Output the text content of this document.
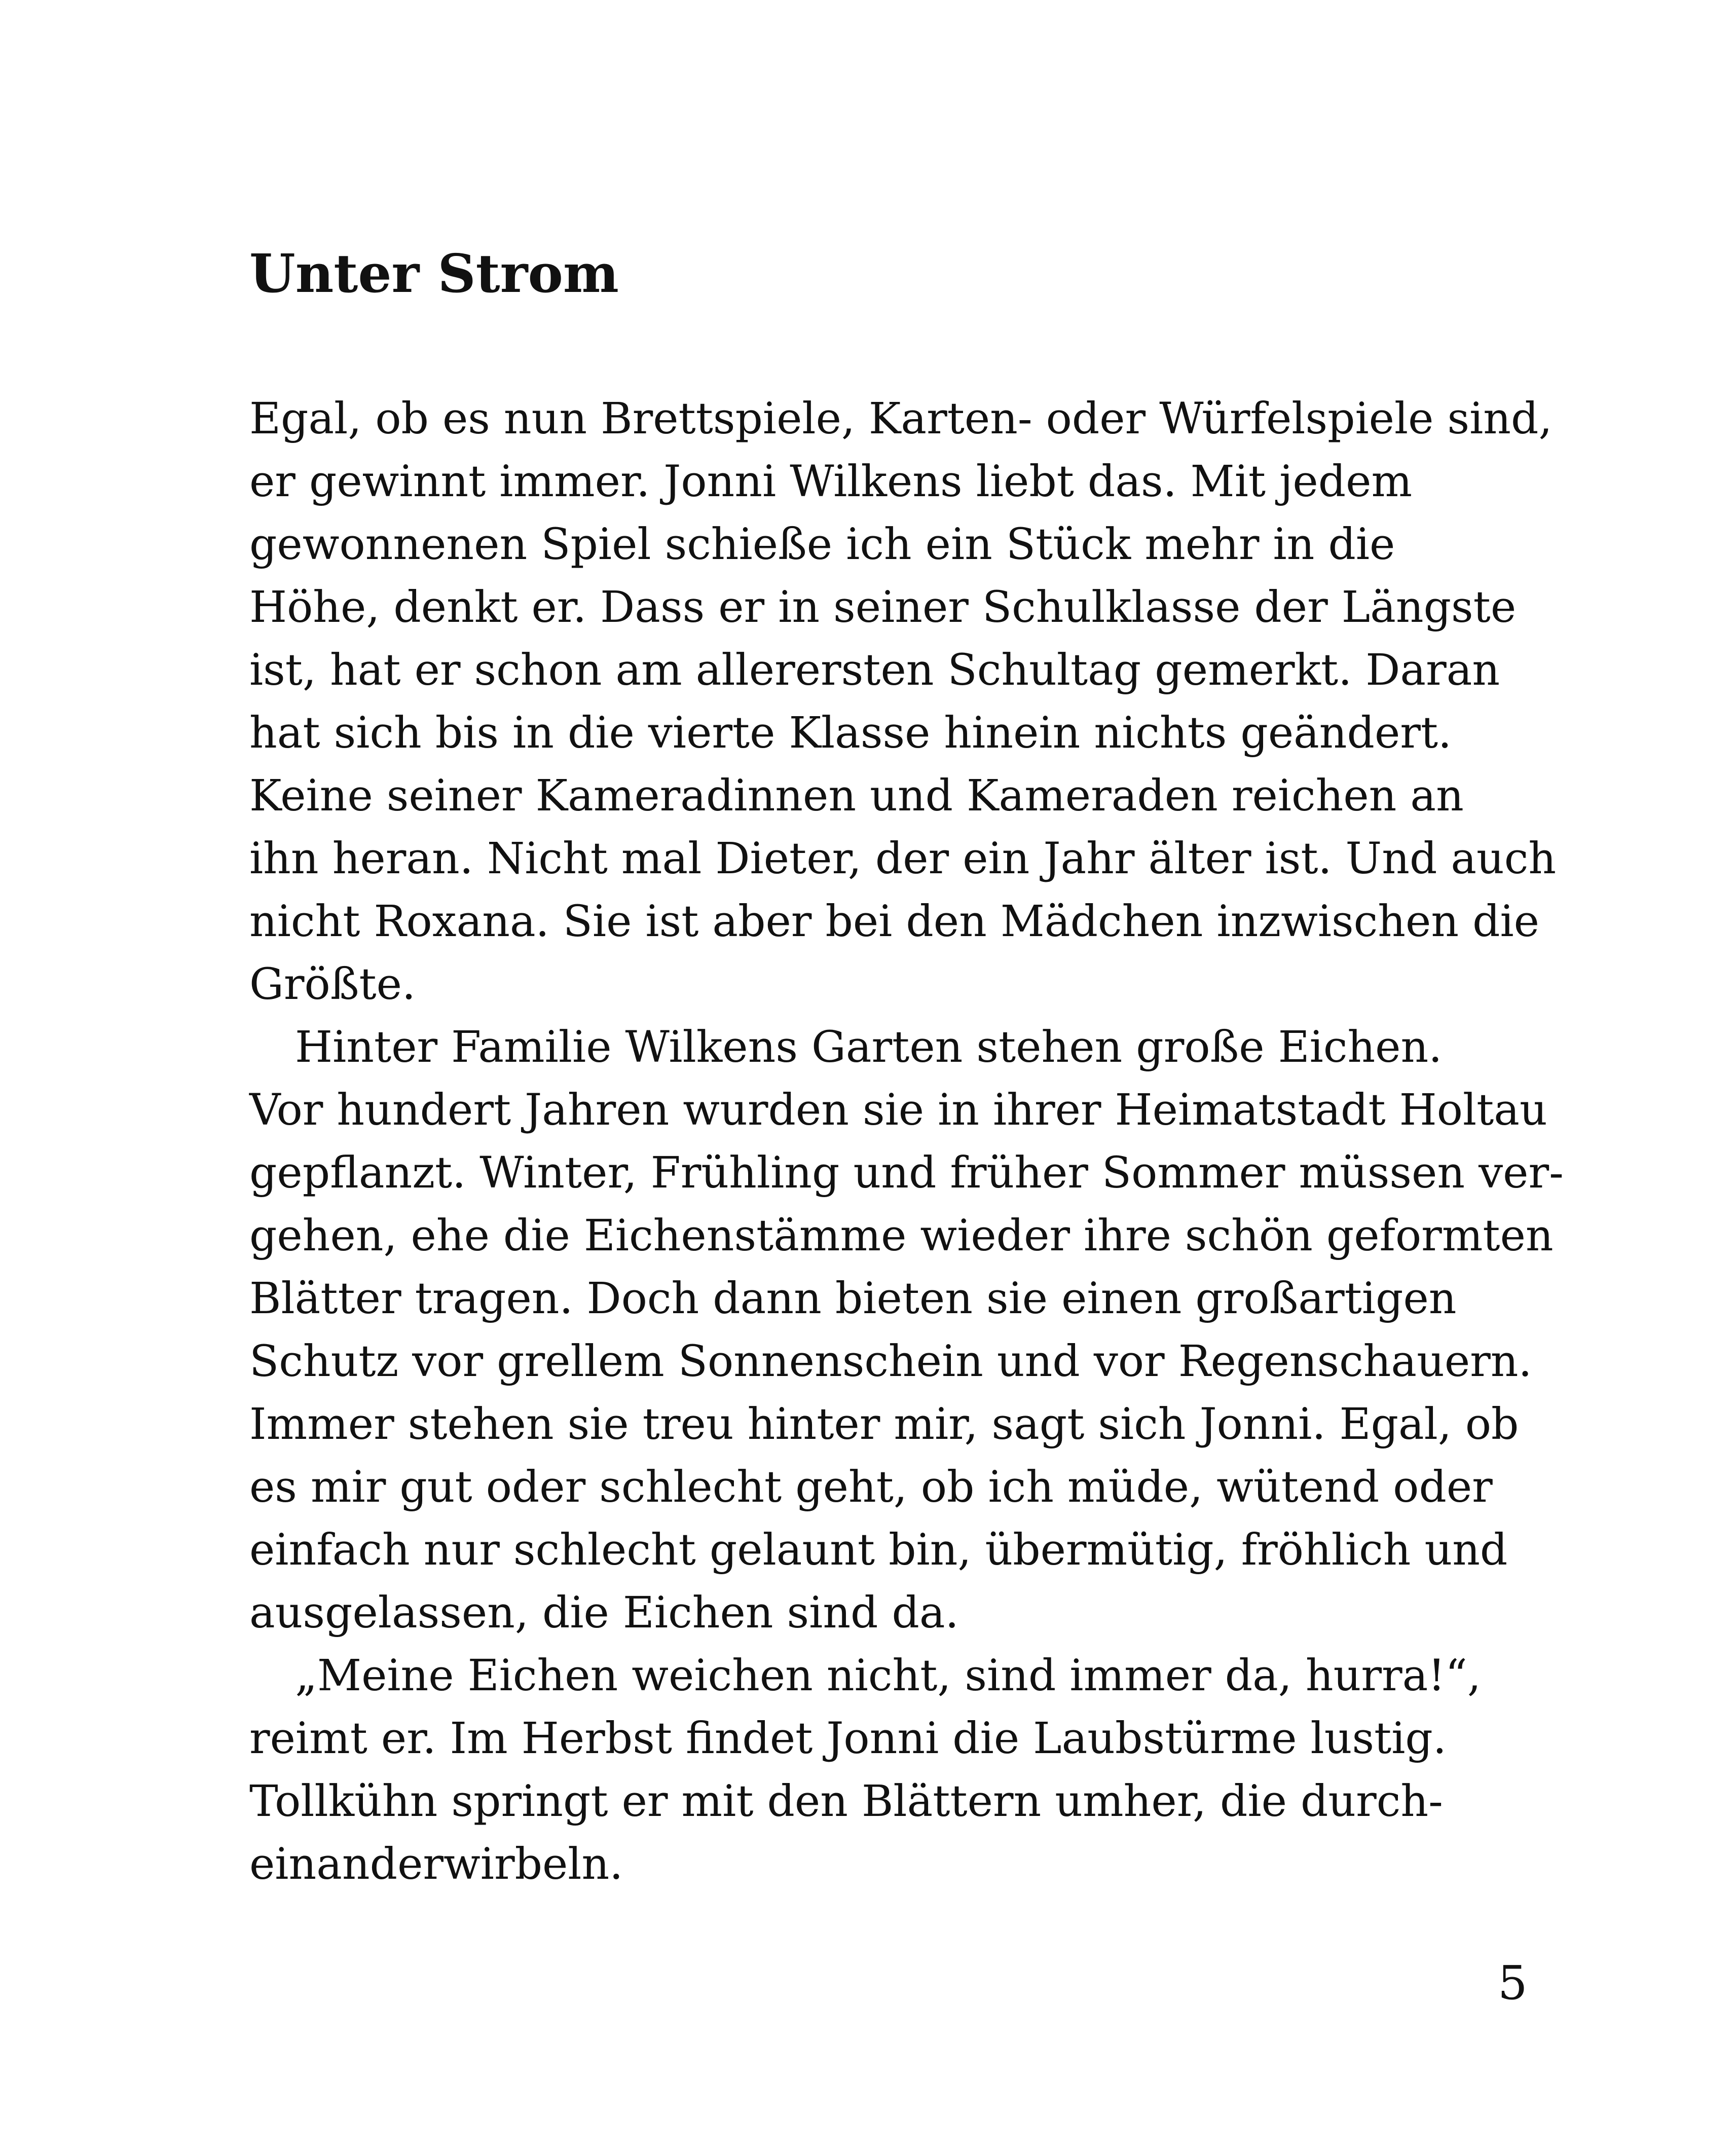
Unter Strom
Egal, ob es nun Brettspiele, Karten- oder Würfelspiele sind,
er gewinnt immer. Jonni Wilkens liebt das. Mit jedem
gewonnenen Spiel schieße ich ein Stück mehr in die
Höhe, denkt er. Dass er in seiner Schulklasse der Längste
ist, hat er schon am allerersten Schultag gemerkt. Daran
hat sich bis in die vierte Klasse hinein nichts geändert.
Keine seiner Kameradinnen und Kameraden reichen an
ihn heran. Nicht mal Dieter, der ein Jahr älter ist. Und auch
nicht Roxana. Sie ist aber bei den Mädchen inzwischen die
Größte.
Hinter Familie Wilkens Garten stehen große Eichen.
Vor hundert Jahren wurden sie in ihrer Heimatstadt Holtau
gepflanzt. Winter, Frühling und früher Sommer müssen ver-
gehen, ehe die Eichenstämme wieder ihre schön geformten
Blätter tragen. Doch dann bieten sie einen großartigen
Schutz vor grellem Sonnenschein und vor Regenschauern.
Immer stehen sie treu hinter mir, sagt sich Jonni. Egal, ob
es mir gut oder schlecht geht, ob ich müde, wütend oder
einfach nur schlecht gelaunt bin, übermütig, fröhlich und
ausgelassen, die Eichen sind da.
„Meine Eichen weichen nicht, sind immer da, hurra!“,
reimt er. Im Herbst findet Jonni die Laubstürme lustig.
Tollkühn springt er mit den Blättern umher, die durch-
einanderwirbeln.
5
